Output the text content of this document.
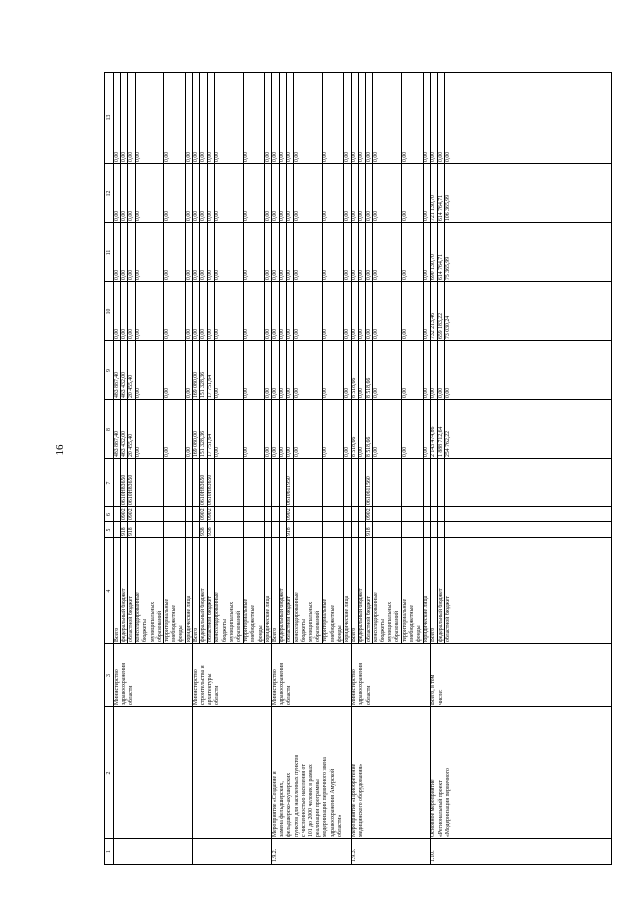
16
1
2
3
4
5
6
7
8
9
10
11
12
13
Всего
483 887,40
483 887,40
0,00
0,00
0,00
0,00
федеральный бюджет
918
0902
0610Н83650
463 432,00
463 432,00
0,00
0,00
0,00
0,00
областной бюджет
918
0902
0610Н83650
20 455,40
20 455,40
0,00
0,00
0,00
0,00
консолидированные
бюджеты
муниципальных
образований
0,00
0,00
0,00
0,00
0,00
0,00
территориальные
внебюджетные
фонды
0,00
0,00
0,00
0,00
0,00
0,00
юридические лица
0,00
0,00
0,00
0,00
0,00
0,00
Всего
169 080,00
169 080,00
0,00
0,00
0,00
0,00
федеральный бюджет
938
0902
0610Н83650
151 328,36
151 328,36
0,00
0,00
0,00
0,00
областной бюджет
938
0902
0610Н83650
17 751,64
17 751,64
0,00
0,00
0,00
0,00
консолидированные
бюджеты
муниципальных
образований
0,00
0,00
0,00
0,00
0,00
0,00
территориальные
внебюджетные
фонды
0,00
0,00
0,00
0,00
0,00
0,00
юридические лица
0,00
0,00
0,00
0,00
0,00
0,00
Всего
0,00
0,00
0,00
0,00
0,00
0,00
федеральный бюджет
0,00
0,00
0,00
0,00
0,00
0,00
областной бюджет
918
0902
0610611950
0,00
0,00
0,00
0,00
0,00
0,00
консолидированные
бюджеты
муниципальных
образований
0,00
0,00
0,00
0,00
0,00
0,00
территориальные
внебюджетные
фонды
0,00
0,00
0,00
0,00
0,00
0,00
юридические лица
0,00
0,00
0,00
0,00
0,00
0,00
Всего
8 518,66
8 518,66
0,00
0,00
0,00
0,00
федеральный бюджет
0,00
0,00
0,00
0,00
0,00
0,00
областной бюджет
918
0902
0610611560
8 518,66
8 518,66
0,00
0,00
0,00
0,00
консолидированные
бюджеты
муниципальных
образований
0,00
0,00
0,00
0,00
0,00
0,00
территориальные
внебюджетные
фонды
0,00
0,00
0,00
0,00
0,00
0,00
юридические лица
0,00
0,00
0,00
0,00
0,00
0,00
Всего
2 143 474,86
0,00
732 213,46
690 130,70
721 130,70
0,00
федеральный бюджет
1 888 712,64
0,00
659 183,22
614 764,71
614 764,71
0,00
областной бюджет
254 762,22
0,00
73 030,24
75 365,99
106 365,99
0,00
Министерство
здравоохранения
области	Министерство
строительства и
архитектуры
области
1.9.2.
Мероприятие «Создание и
замена фельдшерских,
фельдшерско-акушерских
пунктов для населенных пунктов
с численностью населения от
101 до 2000 человек в рамках
реализации программы
модернизации первичного звена
здравоохранения Амурской
области»
Министерство
здравоохранения
области
1.9.3.
Мероприятие «Приобретение
медицинского оборудования»
Министерство
здравоохранения
области
1.10.
Основное мероприятие
«Региональный проект
«Модернизация первичного
Всего, в том
числе:
